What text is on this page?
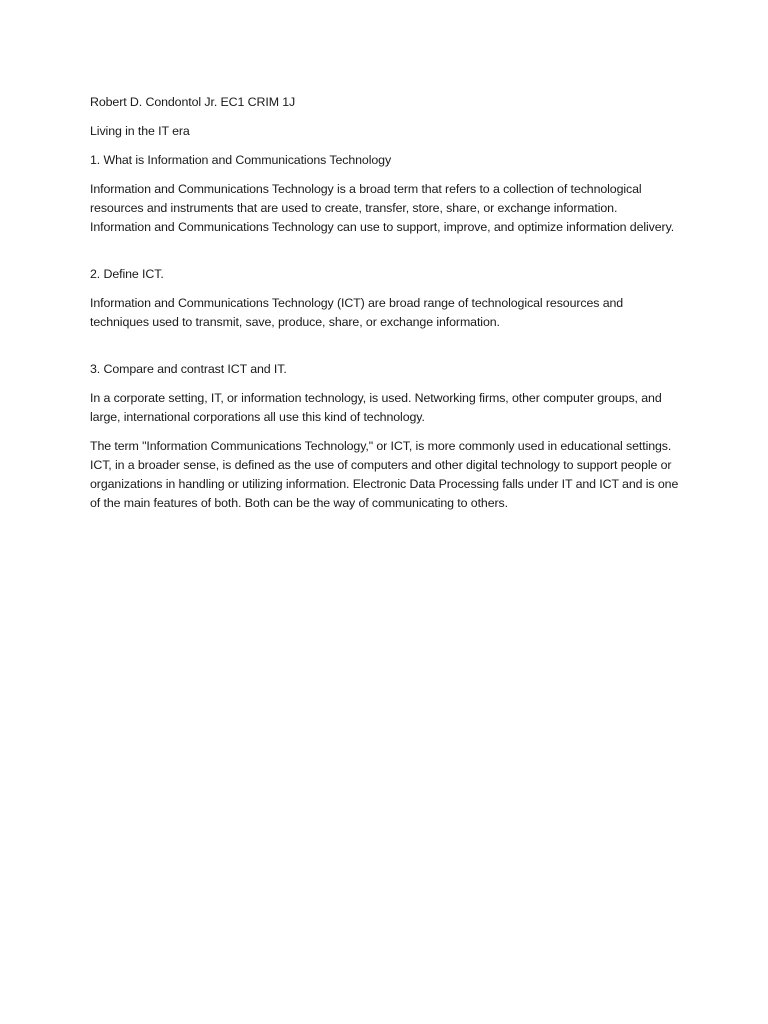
Robert D. Condontol Jr. EC1 CRIM 1J

Living in the IT era

1. What is Information and Communications Technology

Information and Communications Technology is a broad term that refers to a collection of technological resources and instruments that are used to create, transfer, store, share, or exchange information. Information and Communications Technology can use to support, improve, and optimize information delivery.

2. Define ICT.

Information and Communications Technology (ICT) are broad range of technological resources and techniques used to transmit, save, produce, share, or exchange information.

3. Compare and contrast ICT and IT.

In a corporate setting, IT, or information technology, is used. Networking firms, other computer groups, and large, international corporations all use this kind of technology.

The term "Information Communications Technology," or ICT, is more commonly used in educational settings. ICT, in a broader sense, is defined as the use of computers and other digital technology to support people or organizations in handling or utilizing information. Electronic Data Processing falls under IT and ICT and is one of the main features of both. Both can be the way of communicating to others.
